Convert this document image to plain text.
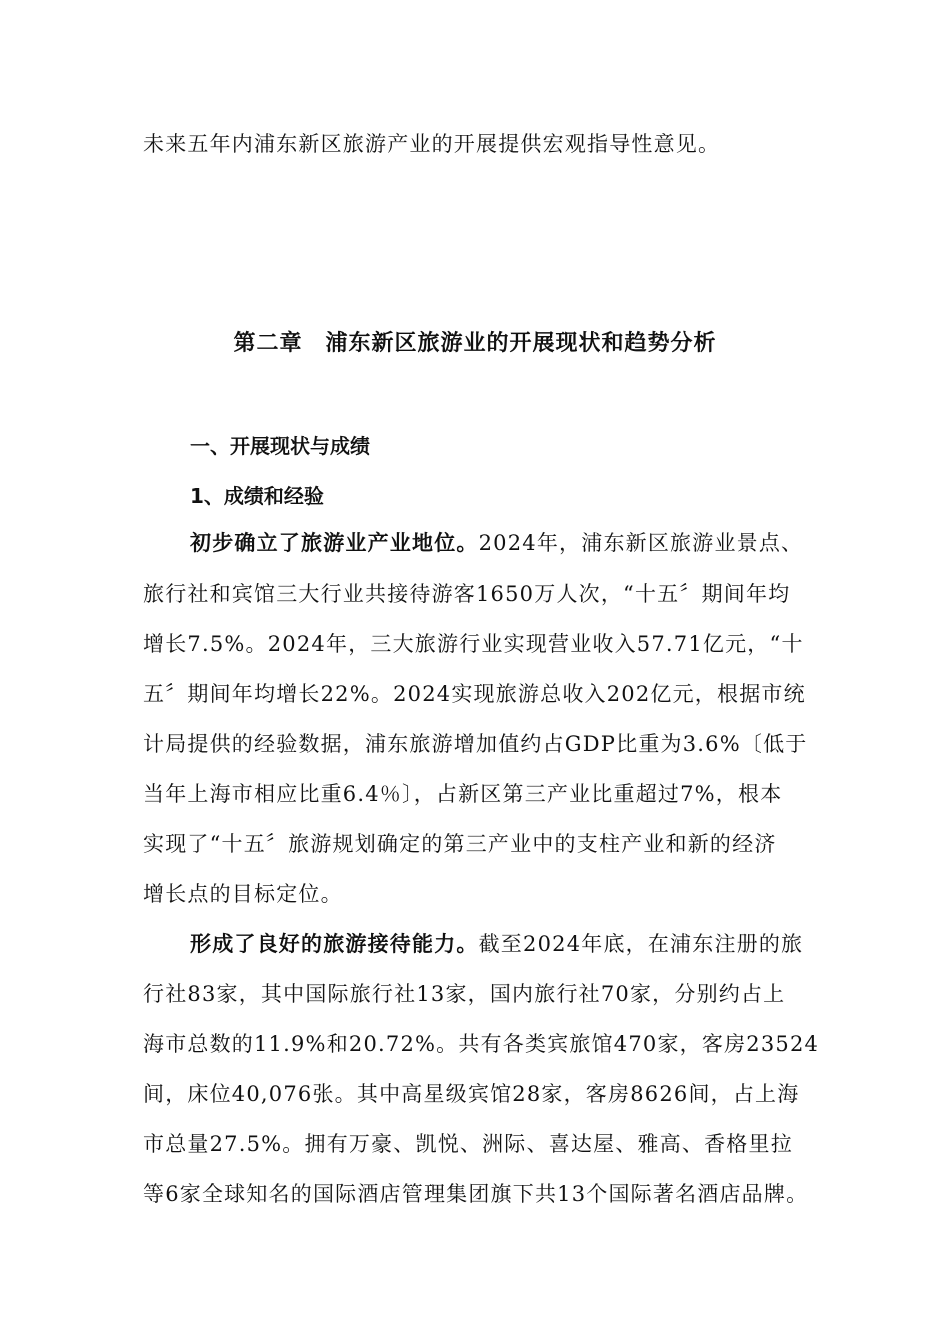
未来五年内浦东新区旅游产业的开展提供宏观指导性意见。
第二章　浦东新区旅游业的开展现状和趋势分析
一、开展现状与成绩
1、成绩和经验
初步确立了旅游业产业地位。2024年，浦东新区旅游业景点、
旅行社和宾馆三大行业共接待游客1650万人次，“十五〞期间年均
增长7.5%。2024年，三大旅游行业实现营业收入57.71亿元，“十
五〞期间年均增长22%。2024实现旅游总收入202亿元，根据市统
计局提供的经验数据，浦东旅游增加值约占GDP比重为3.6%〔低于
当年上海市相应比重6.4％〕，占新区第三产业比重超过7%，根本
实现了“十五〞旅游规划确定的第三产业中的支柱产业和新的经济
增长点的目标定位。
形成了良好的旅游接待能力。截至2024年底，在浦东注册的旅
行社83家，其中国际旅行社13家，国内旅行社70家，分别约占上
海市总数的11.9%和20.72%。共有各类宾旅馆470家，客房23524
间，床位40,076张。其中高星级宾馆28家，客房8626间，占上海
市总量27.5%。拥有万豪、凯悦、洲际、喜达屋、雅高、香格里拉
等6家全球知名的国际酒店管理集团旗下共13个国际著名酒店品牌。
